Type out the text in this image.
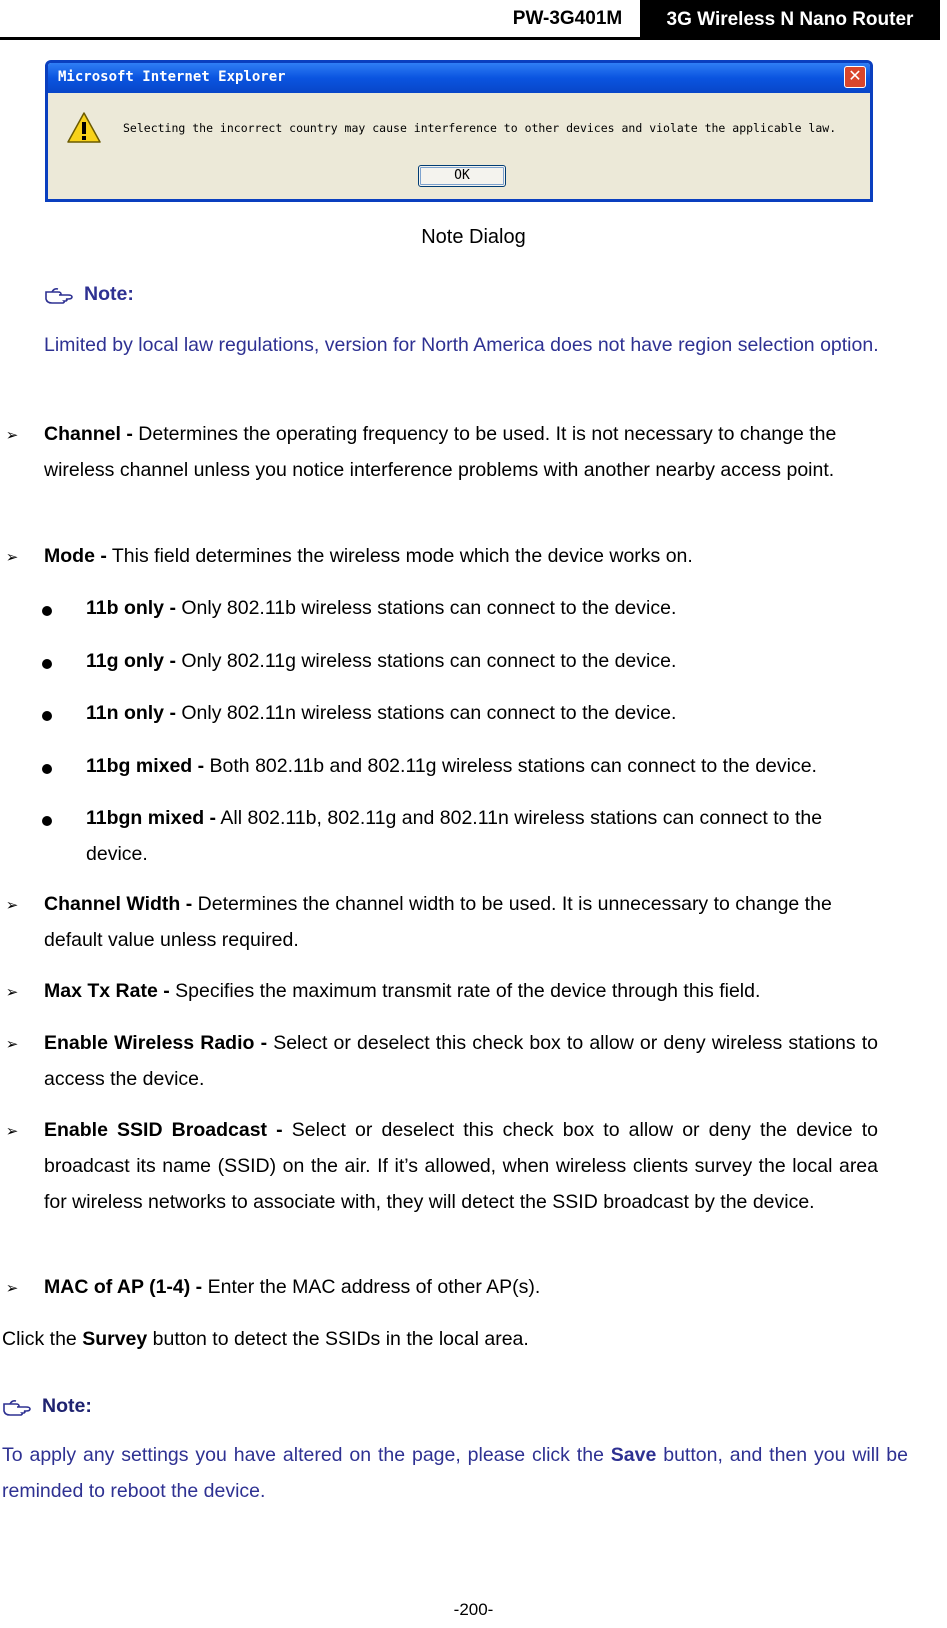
PW-3G401M	3G Wireless N Nano Router
Microsoft Internet Explorer	✕
Selecting the incorrect country may cause interference to other devices and violate the applicable law.
OK
Note Dialog
Note:
Limited by local law regulations, version for North America does not have region selection option.
➢ Channel - Determines the operating frequency to be used. It is not necessary to change the wireless channel unless you notice interference problems with another nearby access point.
➢ Mode - This field determines the wireless mode which the device works on.
11b only - Only 802.11b wireless stations can connect to the device.
11g only - Only 802.11g wireless stations can connect to the device.
11n only - Only 802.11n wireless stations can connect to the device.
11bg mixed - Both 802.11b and 802.11g wireless stations can connect to the device.
11bgn mixed - All 802.11b, 802.11g and 802.11n wireless stations can connect to the device.
➢ Channel Width - Determines the channel width to be used. It is unnecessary to change the default value unless required.
➢ Max Tx Rate - Specifies the maximum transmit rate of the device through this field.
➢ Enable Wireless Radio - Select or deselect this check box to allow or deny wireless stations to access the device.
➢ Enable SSID Broadcast - Select or deselect this check box to allow or deny the device to broadcast its name (SSID) on the air. If it’s allowed, when wireless clients survey the local area for wireless networks to associate with, they will detect the SSID broadcast by the device.
➢ MAC of AP (1-4) - Enter the MAC address of other AP(s).
Click the Survey button to detect the SSIDs in the local area.
Note:
To apply any settings you have altered on the page, please click the Save button, and then you will be reminded to reboot the device.
-200-
